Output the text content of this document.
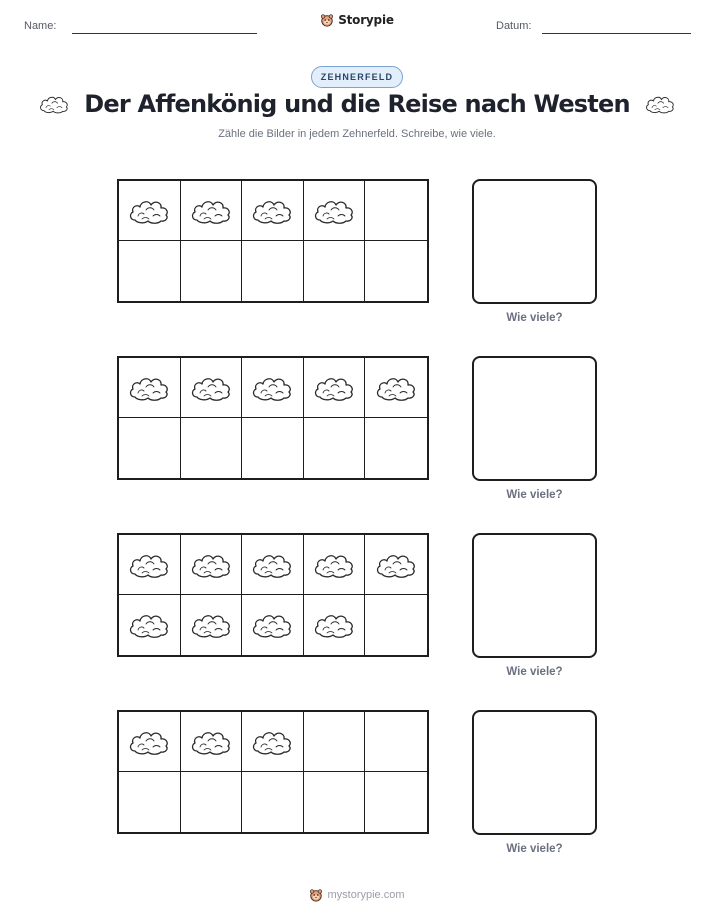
Name:	Storypie	Datum:
ZEHNERFELD
Der Affenkönig und die Reise nach Westen
Zähle die Bilder in jedem Zehnerfeld. Schreibe, wie viele.
Wie viele?
Wie viele?
Wie viele?
Wie viele?
mystorypie.com
